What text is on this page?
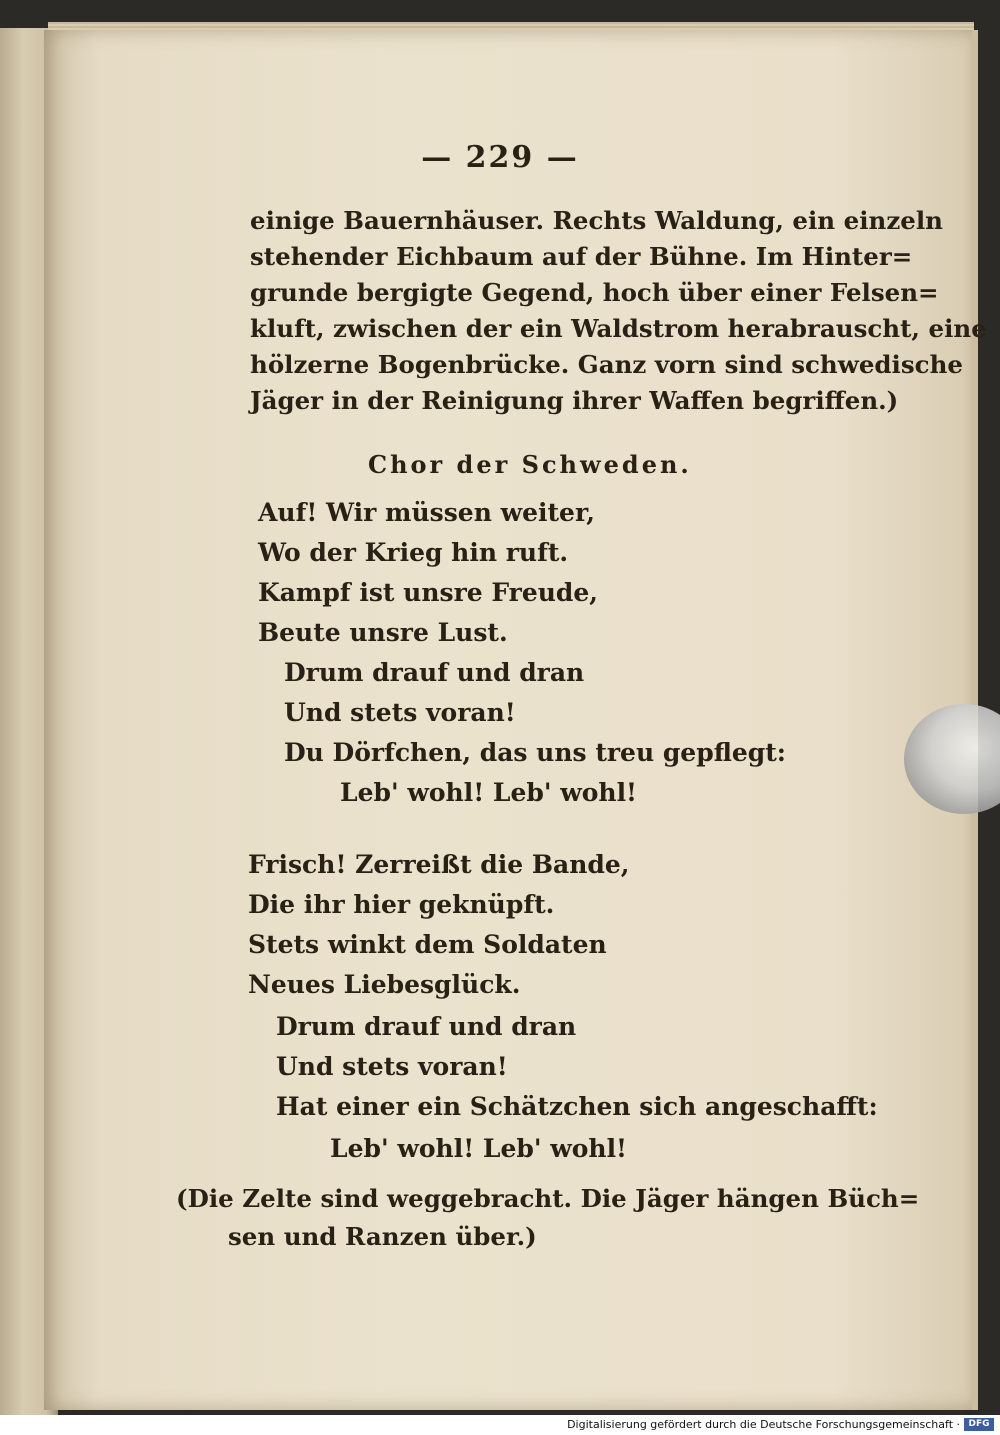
— 229 —
einige Bauernhäuser. Rechts Waldung, ein einzeln
stehender Eichbaum auf der Bühne. Im Hinter=
grunde bergigte Gegend, hoch über einer Felsen=
kluft, zwischen der ein Waldstrom herabrauscht, eine
hölzerne Bogenbrücke. Ganz vorn sind schwedische
Jäger in der Reinigung ihrer Waffen begriffen.)
Chor der Schweden.
Auf! Wir müssen weiter,
Wo der Krieg hin ruft.
Kampf ist unsre Freude,
Beute unsre Lust.
Drum drauf und dran
Und stets voran!
Du Dörfchen, das uns treu gepflegt:
Leb' wohl! Leb' wohl!
Frisch! Zerreißt die Bande,
Die ihr hier geknüpft.
Stets winkt dem Soldaten
Neues Liebesglück.
Drum drauf und dran
Und stets voran!
Hat einer ein Schätzchen sich angeschafft:
Leb' wohl! Leb' wohl!
(Die Zelte sind weggebracht. Die Jäger hängen Büch=
sen und Ranzen über.)
Digitalisierung gefördert durch die Deutsche Forschungsgemeinschaft · DFG
